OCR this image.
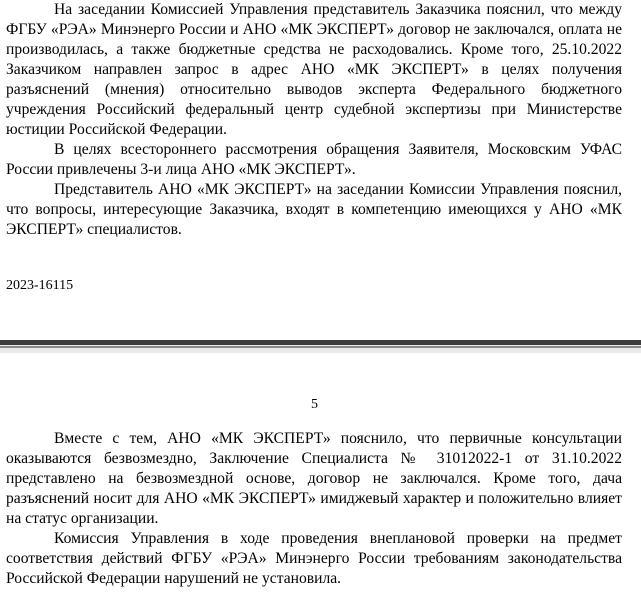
На заседании Комиссией Управления представитель Заказчика пояснил, что между ФГБУ «РЭА» Минэнерго России и АНО «МК ЭКСПЕРТ» договор не заключался, оплата не производилась, а также бюджетные средства не расходовались. Кроме того, 25.10.2022 Заказчиком направлен запрос в адрес АНО «МК ЭКСПЕРТ» в целях получения разъяснений (мнения) относительно выводов эксперта Федерального бюджетного учреждения Российский федеральный центр судебной экспертизы при Министерстве юстиции Российской Федерации.

В целях всестороннего рассмотрения обращения Заявителя, Московским УФАС России привлечены 3-и лица АНО «МК ЭКСПЕРТ».

Представитель АНО «МК ЭКСПЕРТ» на заседании Комиссии Управления пояснил, что вопросы, интересующие Заказчика, входят в компетенцию имеющихся у АНО «МК ЭКСПЕРТ» специалистов.

2023-16115
5

Вместе с тем, АНО «МК ЭКСПЕРТ» пояснило, что первичные консультации оказываются безвозмездно, Заключение Специалиста № 31012022-1 от 31.10.2022 представлено на безвозмездной основе, договор не заключался. Кроме того, дача разъяснений носит для АНО «МК ЭКСПЕРТ» имиджевый характер и положительно влияет на статус организации.

Комиссия Управления в ходе проведения внеплановой проверки на предмет соответствия действий ФГБУ «РЭА» Минэнерго России требованиям законодательства Российской Федерации нарушений не установила.
